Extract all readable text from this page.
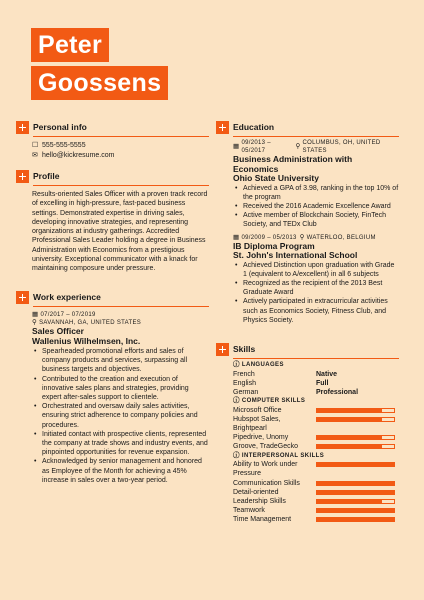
Peter
Goossens
Personal info
☐ 555-555-5555
✉ hello@kickresume.com
Profile
Results-oriented Sales Officer with a proven track record of excelling in high-pressure, fast-paced business settings. Demonstrated expertise in driving sales, developing innovative strategies, and representing organizations at industry gatherings. Accredited Professional Sales Leader holding a degree in Business Administration with Economics from a prestigious university. Exceptional communicator with a knack for maintaining composure under pressure.
Work experience
▦ 07/2017 – 07/2019
⚲ SAVANNAH, GA, UNITED STATES
Sales Officer
Wallenius Wilhelmsen, Inc.
• Spearheaded promotional efforts and sales of company products and services, surpassing all business targets and objectives.
• Contributed to the creation and execution of innovative sales plans and strategies, providing expert after-sales support to clientele.
• Orchestrated and oversaw daily sales activities, ensuring strict adherence to company policies and procedures.
• Initiated contact with prospective clients, represented the company at trade shows and industry events, and pinpointed opportunities for revenue expansion.
• Acknowledged by senior management and honored as Employee of the Month for achieving a 45% increase in sales over a two-year period.
Education
▦ 09/2013 – 05/2017
⚲ COLUMBUS, OH, UNITED STATES
Business Administration with Economics
Ohio State University
• Achieved a GPA of 3.98, ranking in the top 10% of the program
• Received the 2016 Academic Excellence Award
• Active member of Blockchain Society, FinTech Society, and TEDx Club
▦ 09/2009 – 05/2013 ⚲ WATERLOO, BELGIUM
IB Diploma Program
St. John's International School
• Achieved Distinction upon graduation with Grade 1 (equivalent to A/excellent) in all 6 subjects
• Recognized as the recipient of the 2013 Best Graduate Award
• Actively participated in extracurricular activities such as Economics Society, Fitness Club, and Physics Society.
Skills
ⓘ LANGUAGES
French	Native
English	Full
German	Professional
ⓘ COMPUTER SKILLS
Microsoft Office
Hubspot Sales, Brightpearl
Pipedrive, Unomy
Groove, TradeGecko
ⓘ INTERPERSONAL SKILLS
Ability to Work under Pressure
Communication Skills
Detail-oriented
Leadership Skills
Teamwork
Time Management
